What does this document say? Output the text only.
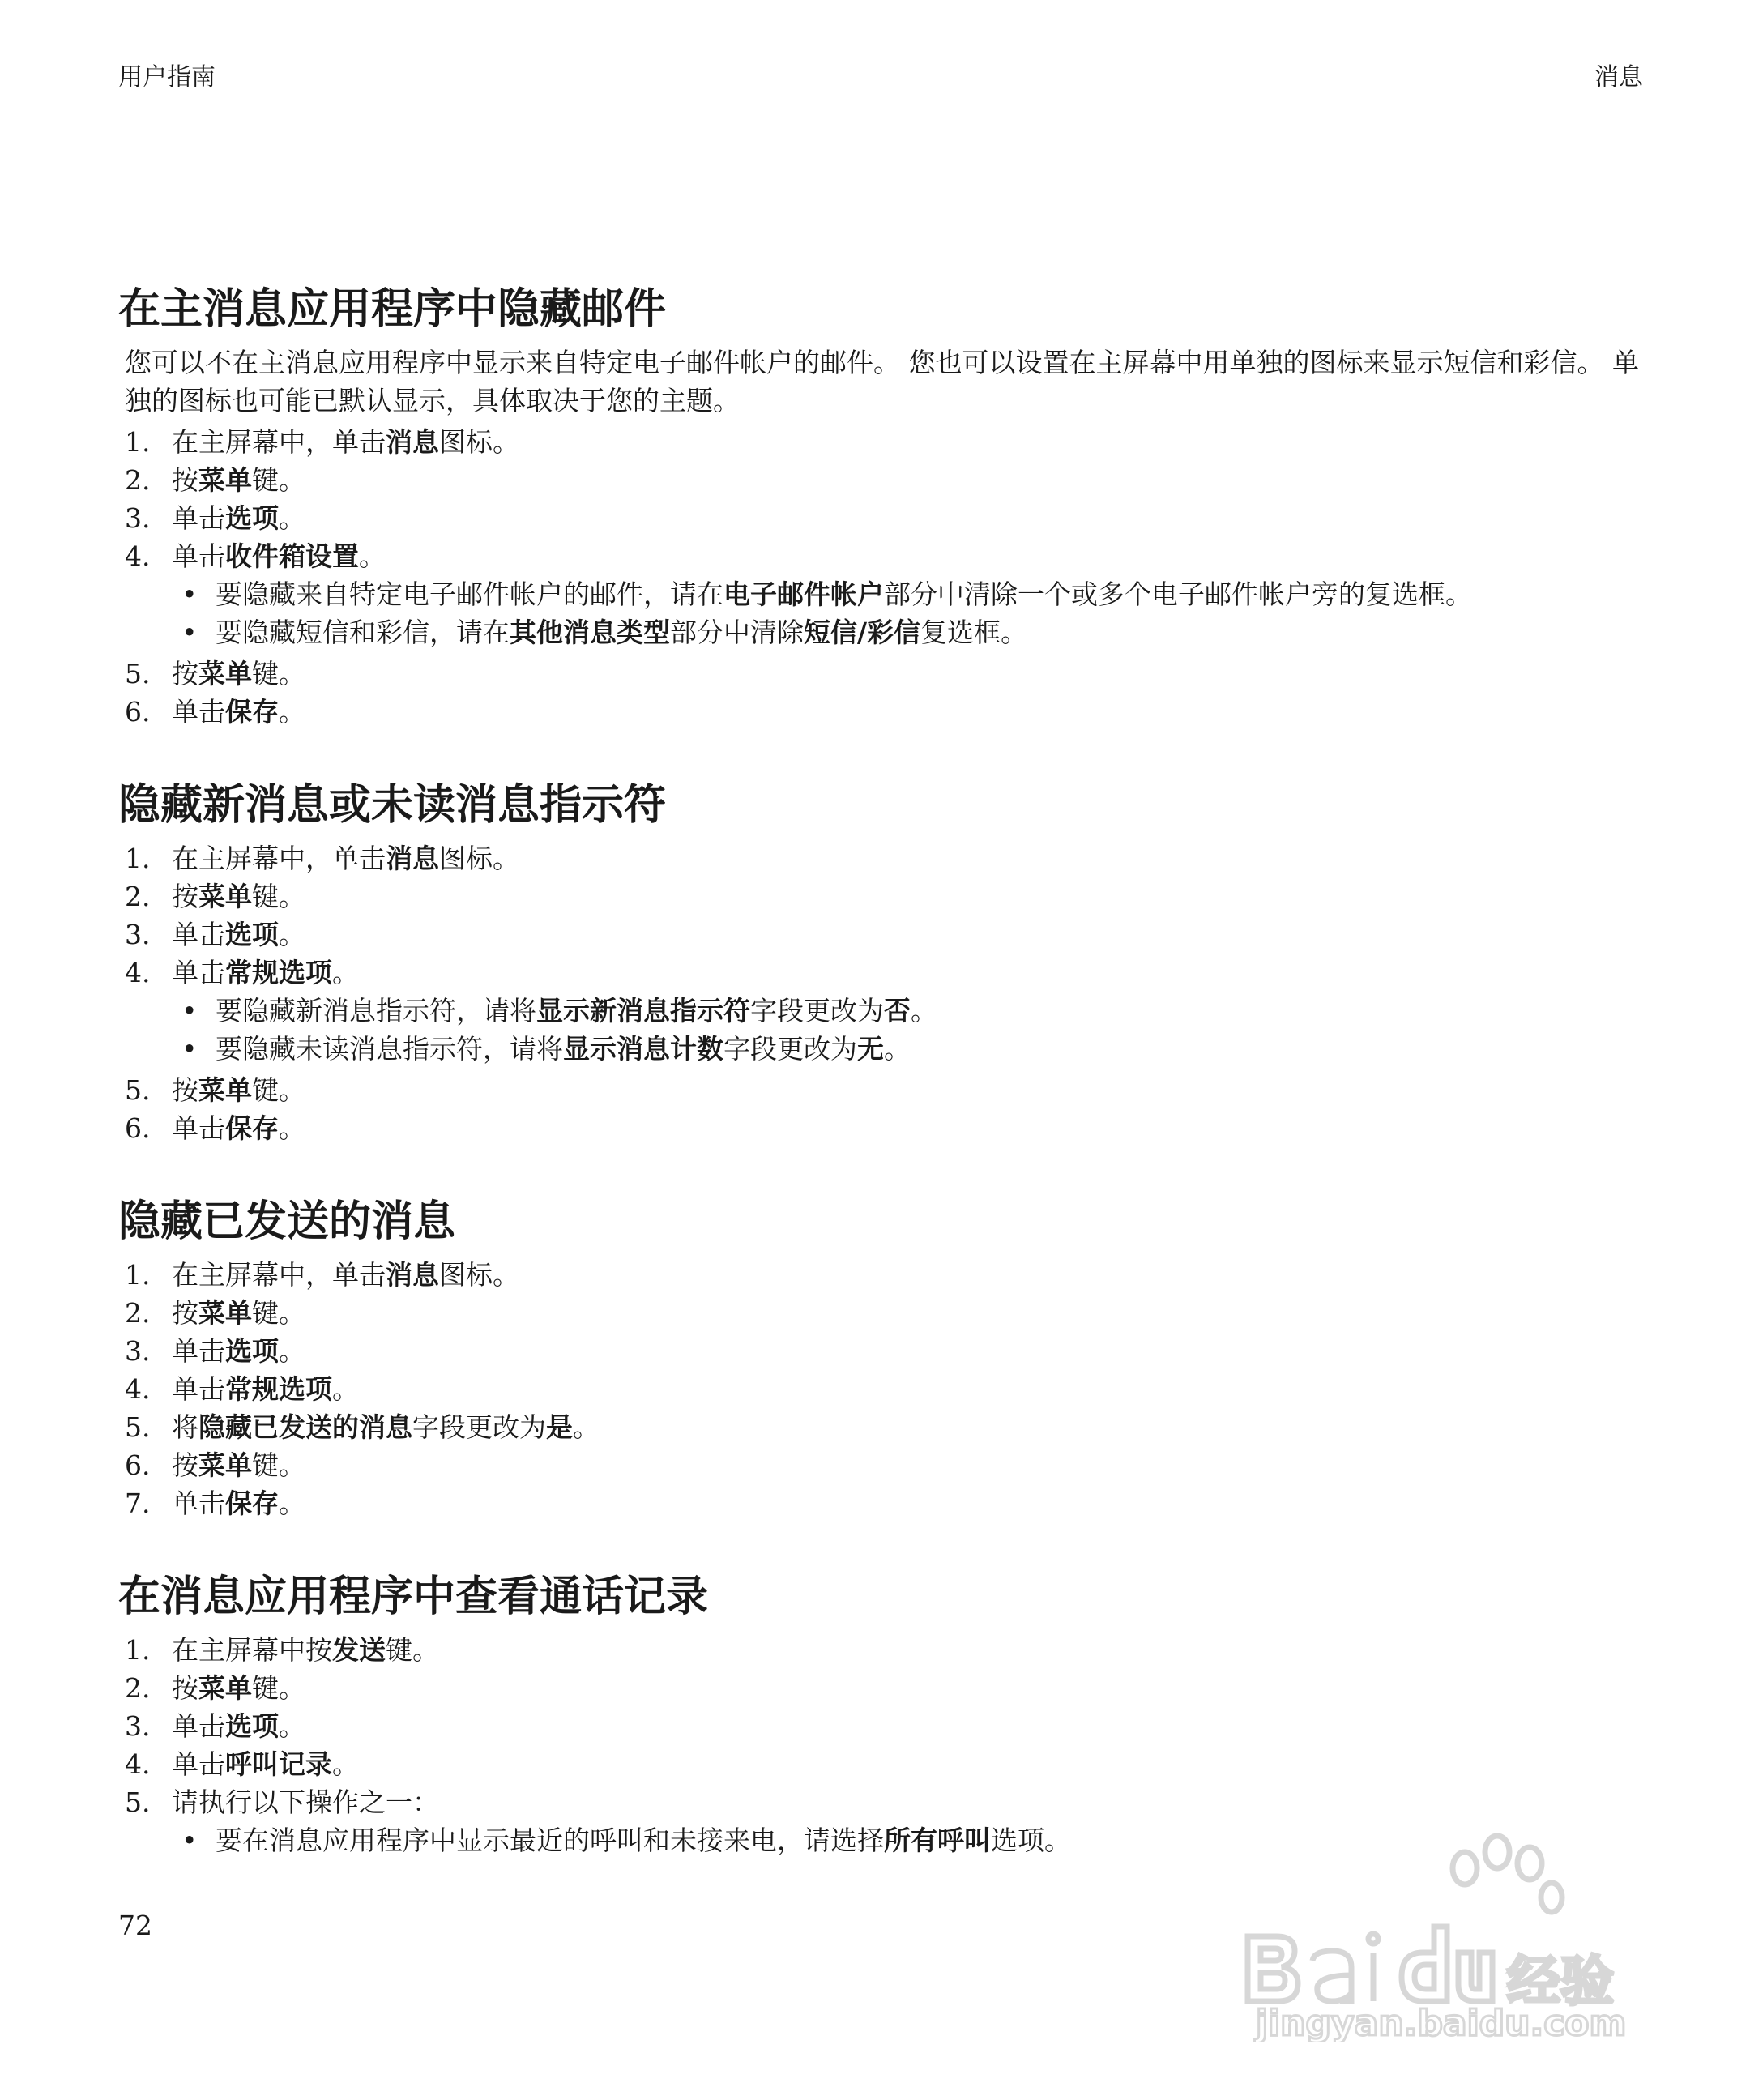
用户指南	消息
在主消息应用程序中隐藏邮件

您可以不在主消息应用程序中显示来自特定电子邮件帐户的邮件。 您也可以设置在主屏幕中用单独的图标来显示短信和彩信。 单独的图标也可能已默认显示，具体取决于您的主题。

1. 在主屏幕中，单击消息图标。
2. 按菜单键。
3. 单击选项。
4. 单击收件箱设置。
• 要隐藏来自特定电子邮件帐户的邮件，请在电子邮件帐户部分中清除一个或多个电子邮件帐户旁的复选框。
• 要隐藏短信和彩信，请在其他消息类型部分中清除短信/彩信复选框。
5. 按菜单键。
6. 单击保存。
隐藏新消息或未读消息指示符
1. 在主屏幕中，单击消息图标。
2. 按菜单键。
3. 单击选项。
4. 单击常规选项。
• 要隐藏新消息指示符，请将显示新消息指示符字段更改为否。
• 要隐藏未读消息指示符，请将显示消息计数字段更改为无。
5. 按菜单键。
6. 单击保存。
隐藏已发送的消息
1. 在主屏幕中，单击消息图标。
2. 按菜单键。
3. 单击选项。
4. 单击常规选项。
5. 将隐藏已发送的消息字段更改为是。
6. 按菜单键。
7. 单击保存。
在消息应用程序中查看通话记录
1. 在主屏幕中按发送键。
2. 按菜单键。
3. 单击选项。
4. 单击呼叫记录。
5. 请执行以下操作之一：
• 要在消息应用程序中显示最近的呼叫和未接来电，请选择所有呼叫选项。
72
经验
jingyan.baidu.com
